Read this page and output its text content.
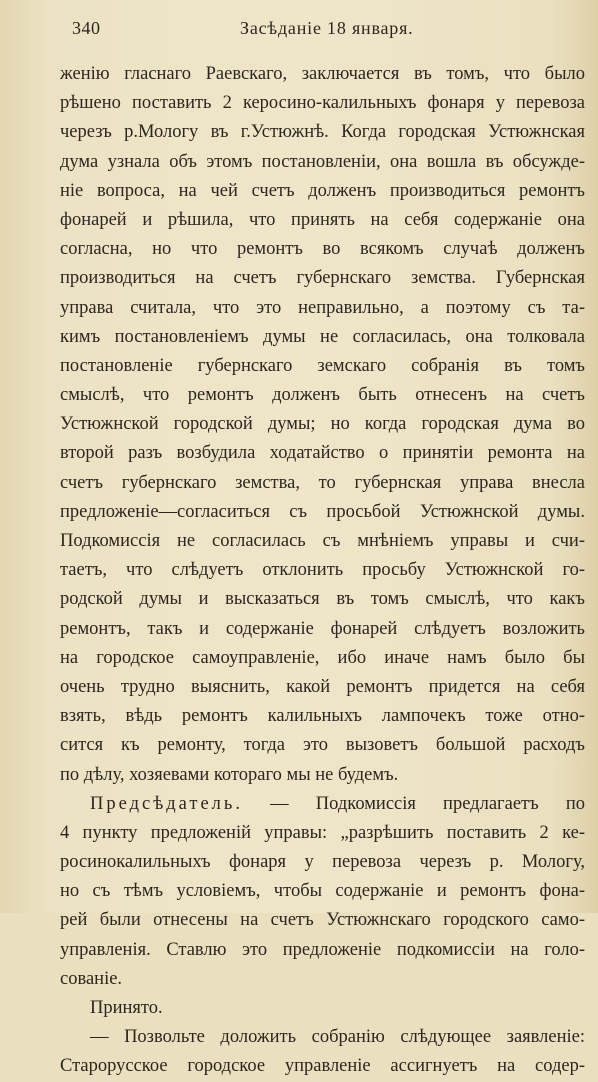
340	Засѣданіе 18 января.
женію гласнаго Раевскаго, заключается въ томъ, что было
рѣшено поставить 2 керосино-калильныхъ фонаря у перевоза
черезъ р.Мологу въ г.Устюжнѣ. Когда городская Устюжнская
дума узнала объ этомъ постановленіи, она вошла въ обсужде-
ніе вопроса, на чей счетъ долженъ производиться ремонтъ
фонарей и рѣшила, что принять на себя содержаніе она
согласна, но что ремонтъ во всякомъ случаѣ долженъ
производиться на счетъ губернскаго земства. Губернская
управа считала, что это неправильно, а поэтому съ та-
кимъ постановленіемъ думы не согласилась, она толковала
постановленіе губернскаго земскаго собранія въ томъ
смыслѣ, что ремонтъ долженъ быть отнесенъ на счетъ
Устюжнской городской думы; но когда городская дума во
второй разъ возбудила ходатайство о принятіи ремонта на
счетъ губернскаго земства, то губернская управа внесла
предложеніе—согласиться съ просьбой Устюжнской думы.
Подкомиссія не согласилась съ мнѣніемъ управы и счи-
таетъ, что слѣдуетъ отклонить просьбу Устюжнской го-
родской думы и высказаться въ томъ смыслѣ, что какъ
ремонтъ, такъ и содержаніе фонарей слѣдуетъ возложить
на городское самоуправленіе, ибо иначе намъ было бы
очень трудно выяснить, какой ремонтъ придется на себя
взять, вѣдь ремонтъ калильныхъ лампочекъ тоже отно-
сится къ ремонту, тогда это вызоветъ большой расходъ
по дѣлу, хозяевами котораго мы не будемъ.
Предсѣдатель. — Подкомиссія предлагаетъ по
4 пункту предложеній управы: „разрѣшить поставить 2 ке-
росинокалильныхъ фонаря у перевоза черезъ р. Мологу,
но съ тѣмъ условіемъ, чтобы содержаніе и ремонтъ фона-
рей были отнесены на счетъ Устюжнскаго городского само-
управленія. Ставлю это предложеніе подкомиссіи на голо-
сованіе.
Принято.
— Позвольте доложить собранію слѣдующее заявленіе:
Старорусское городское управленіе ассигнуетъ на содер-
